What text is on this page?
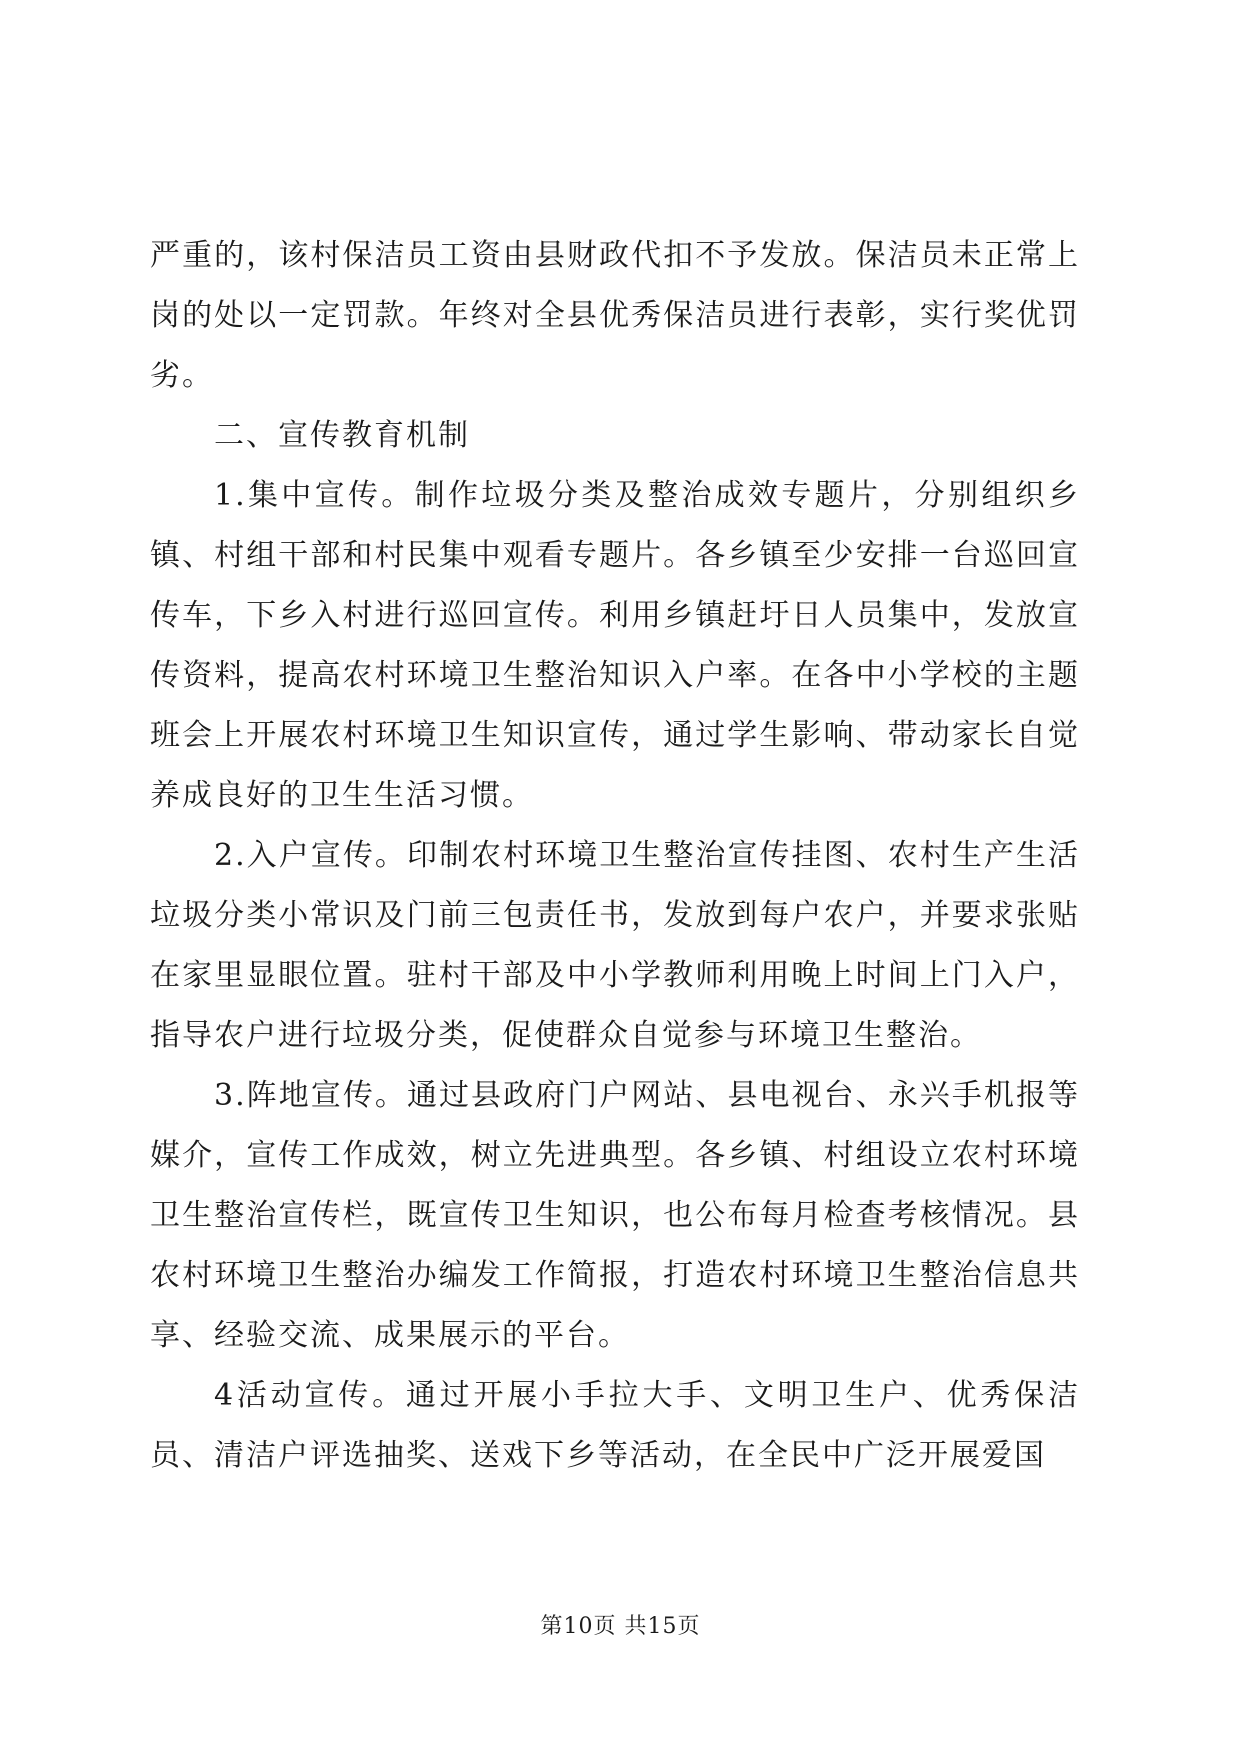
严重的，该村保洁员工资由县财政代扣不予发放。保洁员未正常上岗的处以一定罚款。年终对全县优秀保洁员进行表彰，实行奖优罚劣。

二、宣传教育机制

1.集中宣传。制作垃圾分类及整治成效专题片，分别组织乡镇、村组干部和村民集中观看专题片。各乡镇至少安排一台巡回宣传车，下乡入村进行巡回宣传。利用乡镇赶圩日人员集中，发放宣传资料，提高农村环境卫生整治知识入户率。在各中小学校的主题班会上开展农村环境卫生知识宣传，通过学生影响、带动家长自觉养成良好的卫生生活习惯。

2.入户宣传。印制农村环境卫生整治宣传挂图、农村生产生活垃圾分类小常识及门前三包责任书，发放到每户农户，并要求张贴在家里显眼位置。驻村干部及中小学教师利用晚上时间上门入户，指导农户进行垃圾分类，促使群众自觉参与环境卫生整治。

3.阵地宣传。通过县政府门户网站、县电视台、永兴手机报等媒介，宣传工作成效，树立先进典型。各乡镇、村组设立农村环境卫生整治宣传栏，既宣传卫生知识，也公布每月检查考核情况。县农村环境卫生整治办编发工作简报，打造农村环境卫生整治信息共享、经验交流、成果展示的平台。

4活动宣传。通过开展小手拉大手、文明卫生户、优秀保洁员、清洁户评选抽奖、送戏下乡等活动，在全民中广泛开展爱国

第10页 共15页
